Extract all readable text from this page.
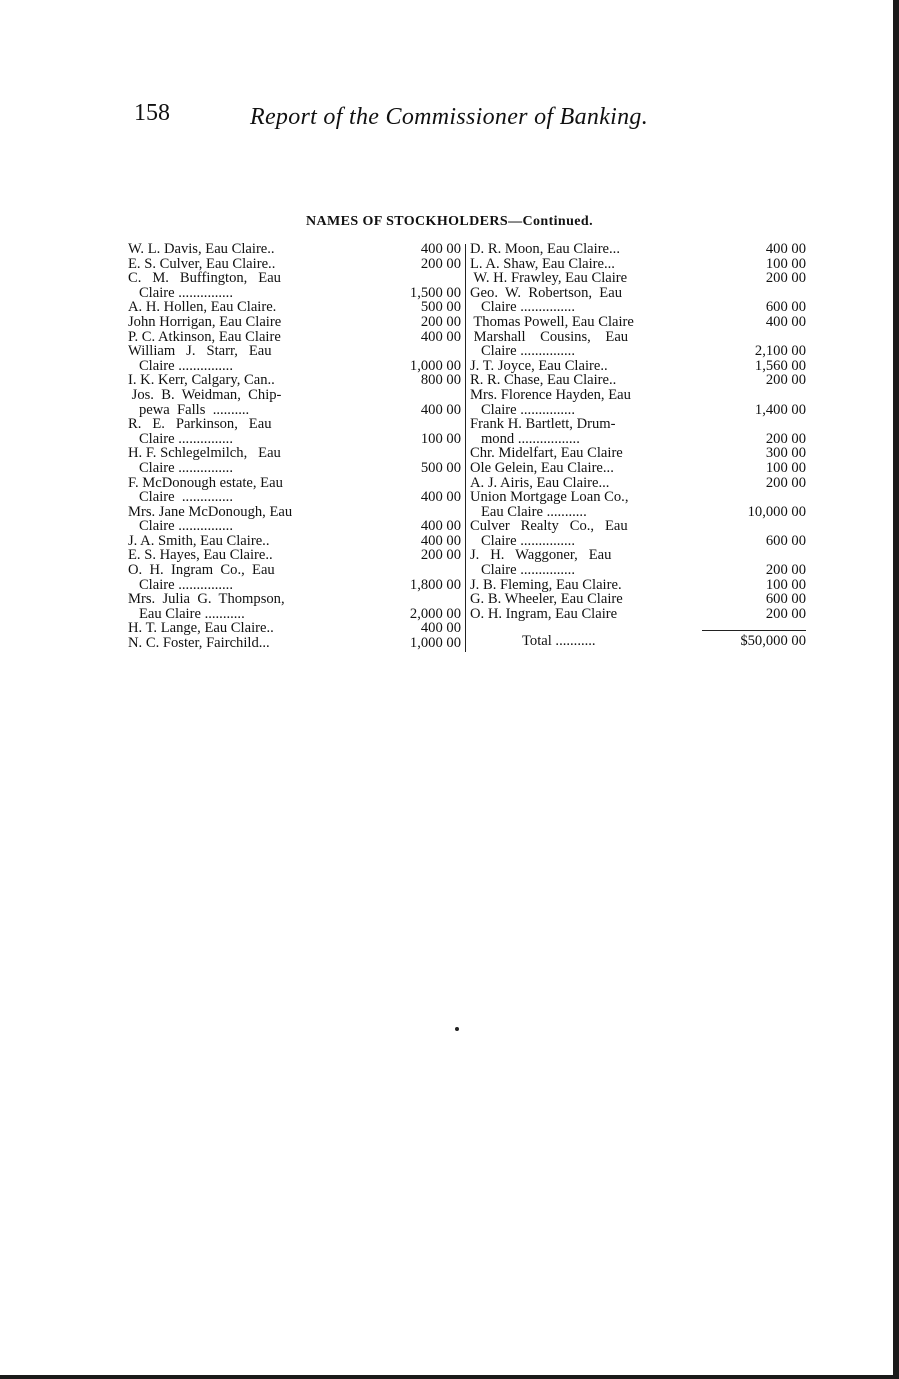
158	Report of the Commissioner of Banking.
NAMES OF STOCKHOLDERS—Continued.
W. L. Davis, Eau Claire..	400 00
E. S. Culver, Eau Claire..	200 00
C.   M.   Buffington,   Eau
Claire ...............	1,500 00
A. H. Hollen, Eau Claire.	500 00
John Horrigan, Eau Claire	200 00
P. C. Atkinson, Eau Claire	400 00
William   J.   Starr,   Eau
Claire ...............	1,000 00
I. K. Kerr, Calgary, Can..	800 00
Jos.  B.  Weidman,  Chip-
pewa  Falls  ..........	400 00
R.   E.   Parkinson,   Eau
Claire ...............	100 00
H. F. Schlegelmilch,   Eau
Claire ...............	500 00
F. McDonough estate, Eau
Claire  ..............	400 00
Mrs. Jane McDonough, Eau
Claire ...............	400 00
J. A. Smith, Eau Claire..	400 00
E. S. Hayes, Eau Claire..	200 00
O.  H.  Ingram  Co.,  Eau
Claire ...............	1,800 00
Mrs.  Julia  G.  Thompson,
Eau Claire ...........	2,000 00
H. T. Lange, Eau Claire..	400 00
N. C. Foster, Fairchild...	1,000 00
D. R. Moon, Eau Claire...	400 00
L. A. Shaw, Eau Claire...	100 00
W. H. Frawley, Eau Claire	200 00
Geo.  W.  Robertson,  Eau
Claire ...............	600 00
Thomas Powell, Eau Claire	400 00
Marshall    Cousins,    Eau
Claire ...............	2,100 00
J. T. Joyce, Eau Claire..	1,560 00
R. R. Chase, Eau Claire..	200 00
Mrs. Florence Hayden, Eau
Claire ...............	1,400 00
Frank H. Bartlett, Drum-
mond .................	200 00
Chr. Midelfart, Eau Claire	300 00
Ole Gelein, Eau Claire...	100 00
A. J. Airis, Eau Claire...	200 00
Union Mortgage Loan Co.,
Eau Claire ...........	10,000 00
Culver   Realty   Co.,   Eau
Claire ...............	600 00
J.   H.   Waggoner,   Eau
Claire ...............	200 00
J. B. Fleming, Eau Claire.	100 00
G. B. Wheeler, Eau Claire	600 00
O. H. Ingram, Eau Claire	200 00
Total ...........	$50,000 00
